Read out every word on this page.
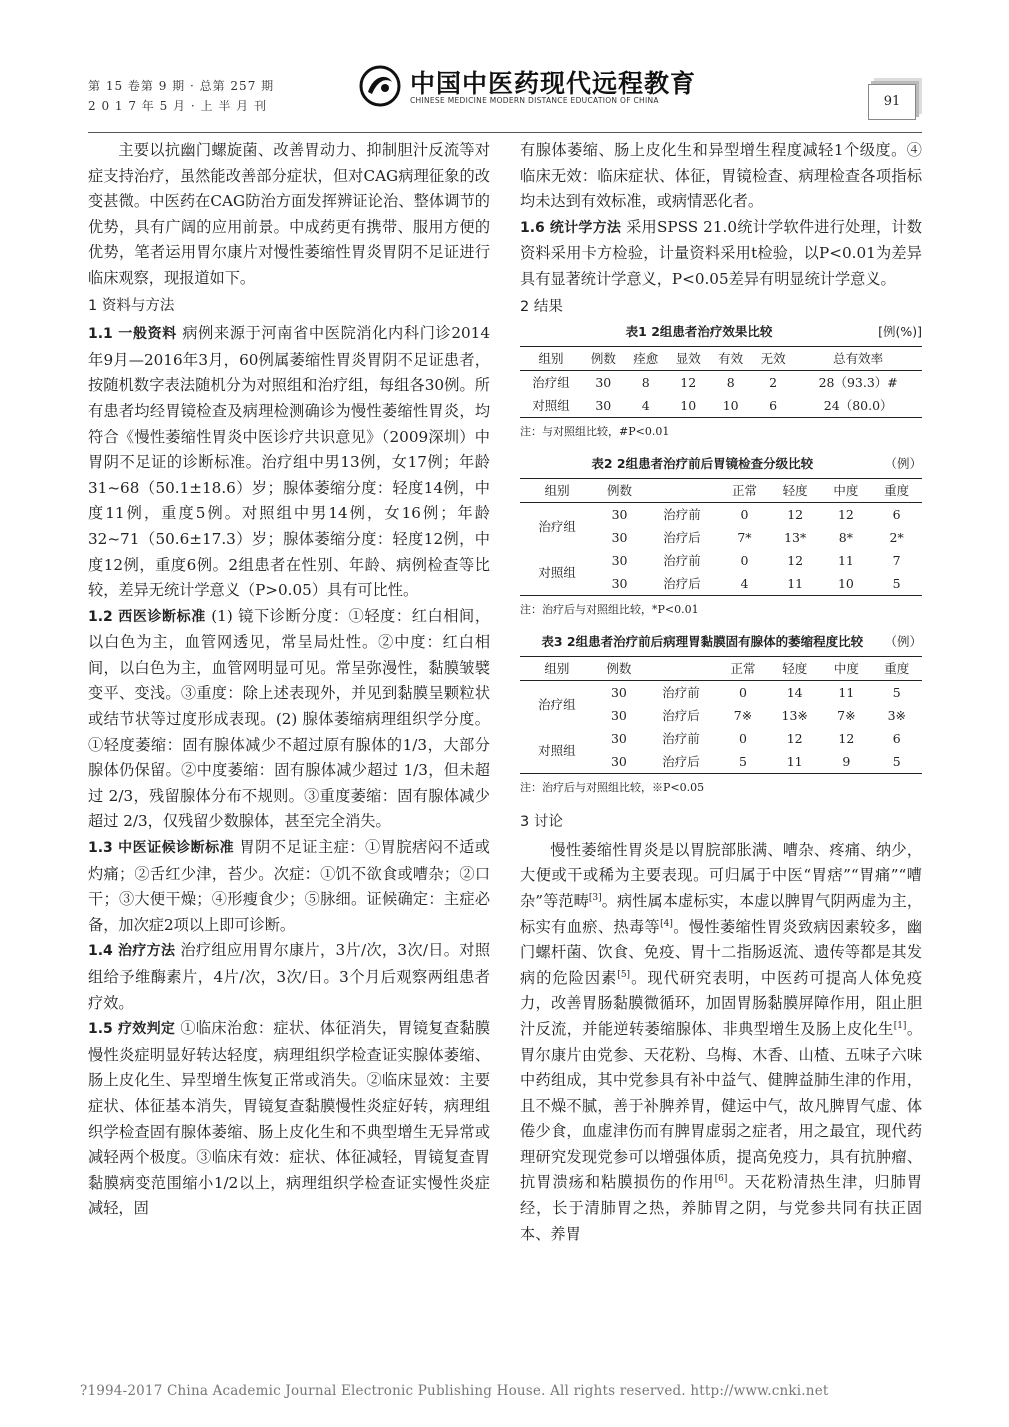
第 15 卷第 9 期 · 总第 257 期
2 0 1 7 年 5 月 · 上 半 月 刊
中国中医药现代远程教育
CHINESE MEDICINE MODERN DISTANCE EDUCATION OF CHINA	91

主要以抗幽门螺旋菌、改善胃动力、抑制胆汁反流等对症支持治疗，虽然能改善部分症状，但对CAG病理征象的改变甚微。中医药在CAG防治方面发挥辨证论治、整体调节的优势，具有广阔的应用前景。中成药更有携带、服用方便的优势，笔者运用胃尔康片对慢性萎缩性胃炎胃阴不足证进行临床观察，现报道如下。

1 资料与方法

1.1 一般资料 病例来源于河南省中医院消化内科门诊2014年9月—2016年3月，60例属萎缩性胃炎胃阴不足证患者，按随机数字表法随机分为对照组和治疗组，每组各30例。所有患者均经胃镜检查及病理检测确诊为慢性萎缩性胃炎，均符合《慢性萎缩性胃炎中医诊疗共识意见》（2009深圳）中胃阴不足证的诊断标准。治疗组中男13例，女17例；年龄31~68（50.1±18.6）岁；腺体萎缩分度：轻度14例，中度11例，重度5例。对照组中男14例，女16例；年龄32~71（50.6±17.3）岁；腺体萎缩分度：轻度12例，中度12例，重度6例。2组患者在性别、年龄、病例检查等比较，差异无统计学意义（P>0.05）具有可比性。

1.2 西医诊断标准 (1) 镜下诊断分度：①轻度：红白相间，以白色为主，血管网透见，常呈局灶性。②中度：红白相间，以白色为主，血管网明显可见。常呈弥漫性，黏膜皱襞变平、变浅。③重度：除上述表现外，并见到黏膜呈颗粒状或结节状等过度形成表现。(2) 腺体萎缩病理组织学分度。①轻度萎缩：固有腺体减少不超过原有腺体的1/3，大部分腺体仍保留。②中度萎缩：固有腺体减少超过 1/3，但未超过 2/3，残留腺体分布不规则。③重度萎缩：固有腺体减少超过 2/3，仅残留少数腺体，甚至完全消失。

1.3 中医证候诊断标准 胃阴不足证主症：①胃脘痞闷不适或灼痛；②舌红少津，苔少。次症：①饥不欲食或嘈杂；②口干；③大便干燥；④形瘦食少；⑤脉细。证候确定：主症必备，加次症2项以上即可诊断。

1.4 治疗方法 治疗组应用胃尔康片，3片/次，3次/日。对照组给予维酶素片，4片/次，3次/日。3个月后观察两组患者疗效。

1.5 疗效判定 ①临床治愈：症状、体征消失，胃镜复查黏膜慢性炎症明显好转达轻度，病理组织学检查证实腺体萎缩、肠上皮化生、异型增生恢复正常或消失。②临床显效：主要症状、体征基本消失，胃镜复查黏膜慢性炎症好转，病理组织学检查固有腺体萎缩、肠上皮化生和不典型增生无异常或减轻两个极度。③临床有效：症状、体征减轻，胃镜复查胃黏膜病变范围缩小1/2以上，病理组织学检查证实慢性炎症减轻，固

有腺体萎缩、肠上皮化生和异型增生程度减轻1个级度。④临床无效：临床症状、体征，胃镜检查、病理检查各项指标均未达到有效标准，或病情恶化者。

1.6 统计学方法 采用SPSS 21.0统计学软件进行处理，计数资料采用卡方检验，计量资料采用t检验，以P<0.01为差异具有显著统计学意义，P<0.05差异有明显统计学意义。

2 结果

表1 2组患者治疗效果比较	[例(%)]
组别	例数	痊愈	显效	有效	无效	总有效率
治疗组	30	8	12	8	2	28（93.3）#
对照组	30	4	10	10	6	24（80.0）
注：与对照组比较，#P<0.01
表2 2组患者治疗前后胃镜检查分级比较	（例）
组别	例数		正常	轻度	中度	重度
治疗组	30	治疗前	0	12	12	6
	30	治疗后	7*	13*	8*	2*
对照组	30	治疗前	0	12	11	7
	30	治疗后	4	11	10	5
注：治疗后与对照组比较，*P<0.01
表3 2组患者治疗前后病理胃黏膜固有腺体的萎缩程度比较	（例）
组别	例数		正常	轻度	中度	重度
治疗组	30	治疗前	0	14	11	5
	30	治疗后	7※	13※	7※	3※
对照组	30	治疗前	0	12	12	6
	30	治疗后	5	11	9	5
注：治疗后与对照组比较，※P<0.05

3 讨论

慢性萎缩性胃炎是以胃脘部胀满、嘈杂、疼痛、纳少，大便或干或稀为主要表现。可归属于中医“胃痞”“胃痛”“嘈杂”等范畴[3]。病性属本虚标实，本虚以脾胃气阴两虚为主，标实有血瘀、热毒等[4]。慢性萎缩性胃炎致病因素较多，幽门螺杆菌、饮食、免疫、胃十二指肠返流、遗传等都是其发病的危险因素[5]。现代研究表明，中医药可提高人体免疫力，改善胃肠黏膜微循环，加固胃肠黏膜屏障作用，阻止胆汁反流，并能逆转萎缩腺体、非典型增生及肠上皮化生[1]。胃尔康片由党参、天花粉、乌梅、木香、山楂、五味子六味中药组成，其中党参具有补中益气、健脾益肺生津的作用，且不燥不腻，善于补脾养胃，健运中气，故凡脾胃气虚、体倦少食，血虚津伤而有脾胃虚弱之症者，用之最宜，现代药理研究发现党参可以增强体质，提高免疫力，具有抗肿瘤、抗胃溃疡和粘膜损伤的作用[6]。天花粉清热生津，归肺胃经，长于清肺胃之热，养肺胃之阴，与党参共同有扶正固本、养胃

?1994-2017 China Academic Journal Electronic Publishing House. All rights reserved. http://www.cnki.net
